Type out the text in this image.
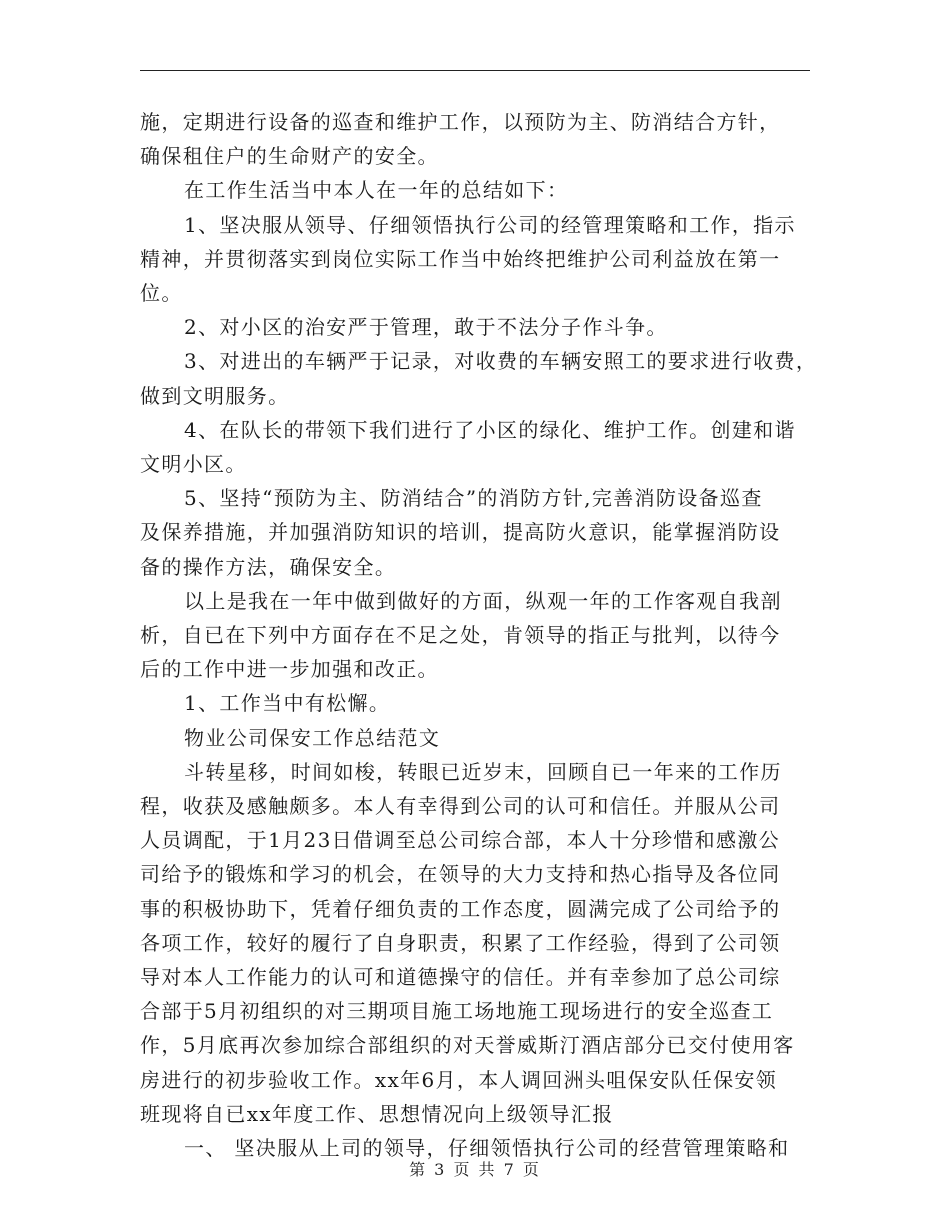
施，定期进行设备的巡查和维护工作，以预防为主、防消结合方针，

确保租住户的生命财产的安全。

在工作生活当中本人在一年的总结如下：

1、坚决服从领导、仔细领悟执行公司的经管理策略和工作，指示

精神，并贯彻落实到岗位实际工作当中始终把维护公司利益放在第一

位。

2、对小区的治安严于管理，敢于不法分子作斗争。

3、对进出的车辆严于记录，对收费的车辆安照工的要求进行收费，

做到文明服务。

4、在队长的带领下我们进行了小区的绿化、维护工作。创建和谐

文明小区。

5、坚持“预防为主、防消结合”的消防方针,完善消防设备巡查

及保养措施，并加强消防知识的培训，提高防火意识，能掌握消防设

备的操作方法，确保安全。

以上是我在一年中做到做好的方面，纵观一年的工作客观自我剖

析，自已在下列中方面存在不足之处，肯领导的指正与批判，以待今

后的工作中进一步加强和改正。

1、工作当中有松懈。

物业公司保安工作总结范文

斗转星移，时间如梭，转眼已近岁末，回顾自已一年来的工作历

程，收获及感触颇多。本人有幸得到公司的认可和信任。并服从公司

人员调配，于1月23日借调至总公司综合部，本人十分珍惜和感激公

司给予的锻炼和学习的机会，在领导的大力支持和热心指导及各位同

事的积极协助下，凭着仔细负责的工作态度，圆满完成了公司给予的

各项工作，较好的履行了自身职责，积累了工作经验，得到了公司领

导对本人工作能力的认可和道德操守的信任。并有幸参加了总公司综

合部于5月初组织的对三期项目施工场地施工现场进行的安全巡查工

作，5月底再次参加综合部组织的对天誉威斯汀酒店部分已交付使用客

房进行的初步验收工作。xx年6月，本人调回洲头咀保安队任保安领

班现将自已xx年度工作、思想情况向上级领导汇报

一、 坚决服从上司的领导，仔细领悟执行公司的经营管理策略和

第 3 页 共 7 页
